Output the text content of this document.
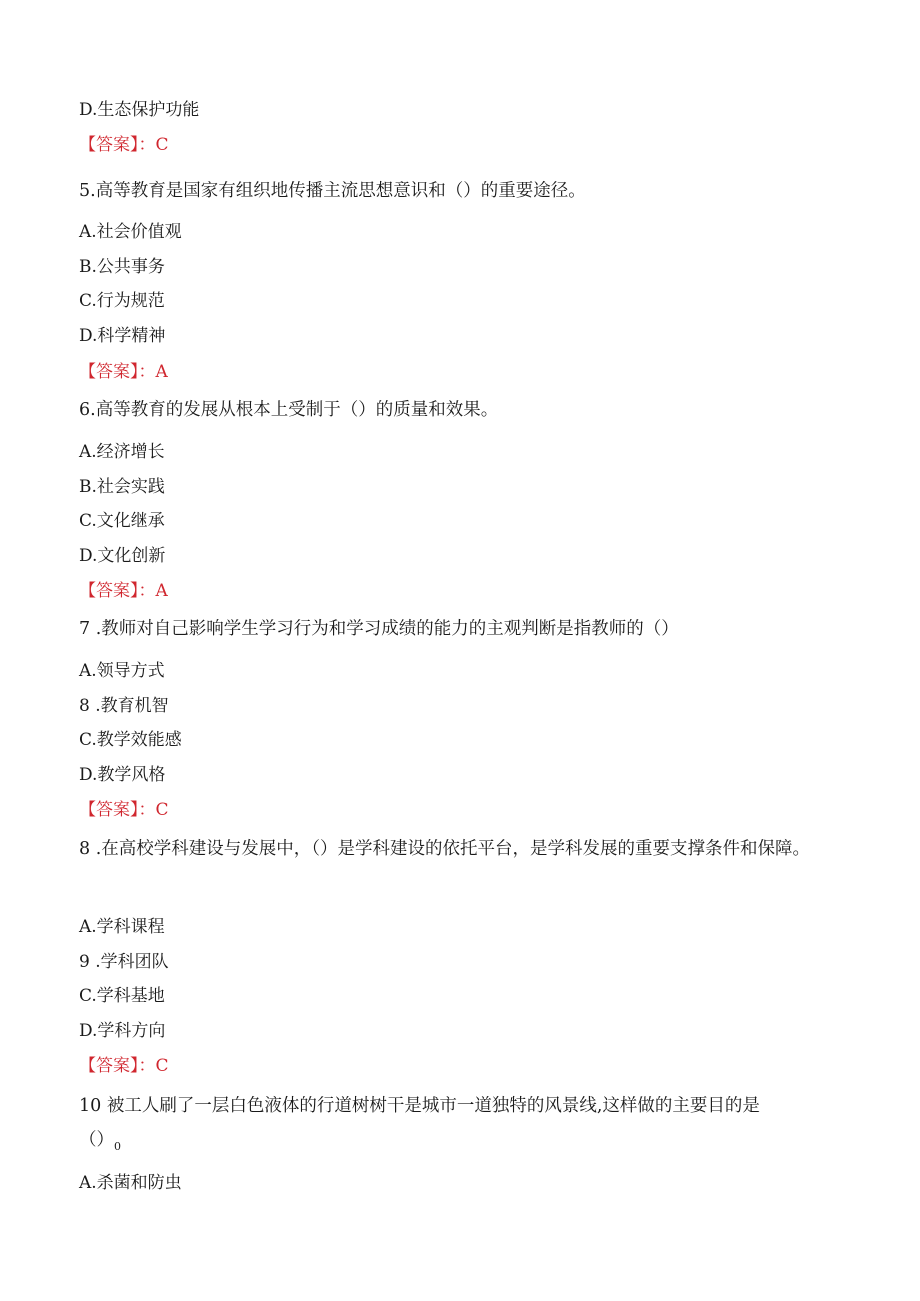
D.生态保护功能
【答案】：C
5.高等教育是国家有组织地传播主流思想意识和（）的重要途径。
A.社会价值观
B.公共事务
C.行为规范
D.科学精神
【答案】：A
6.高等教育的发展从根本上受制于（）的质量和效果。
A.经济增长
B.社会实践
C.文化继承
D.文化创新
【答案】：A
7 .教师对自己影响学生学习行为和学习成绩的能力的主观判断是指教师的（）
A.领导方式
8 .教育机智
C.教学效能感
D.教学风格
【答案】：C
8 .在高校学科建设与发展中，（）是学科建设的依托平台，是学科发展的重要支撑条件和保障。
A.学科课程
9 .学科团队
C.学科基地
D.学科方向
【答案】：C
10 被工人刷了一层白色液体的行道树树干是城市一道独特的风景线,这样做的主要目的是
$()_0$
A.杀菌和防虫
